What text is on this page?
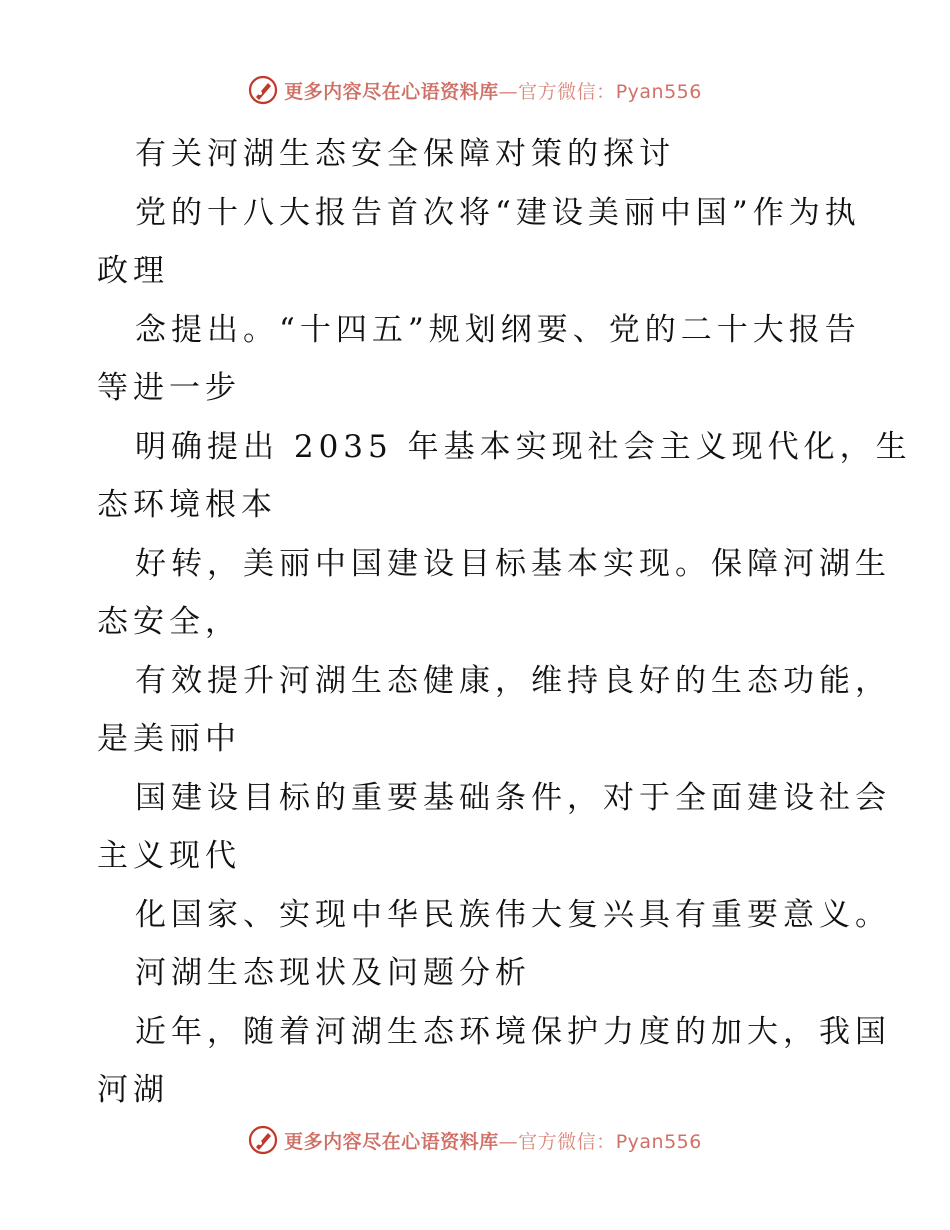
更多内容尽在心语资料库—官方微信：Pyan556
有关河湖生态安全保障对策的探讨
党的十八大报告首次将“建设美丽中国”作为执
政理
念提出。“十四五”规划纲要、党的二十大报告
等进一步
明确提出 2035 年基本实现社会主义现代化，生
态环境根本
好转，美丽中国建设目标基本实现。保障河湖生
态安全，
有效提升河湖生态健康，维持良好的生态功能，
是美丽中
国建设目标的重要基础条件，对于全面建设社会
主义现代
化国家、实现中华民族伟大复兴具有重要意义。
河湖生态现状及问题分析
近年，随着河湖生态环境保护力度的加大，我国
河湖
更多内容尽在心语资料库—官方微信：Pyan556
